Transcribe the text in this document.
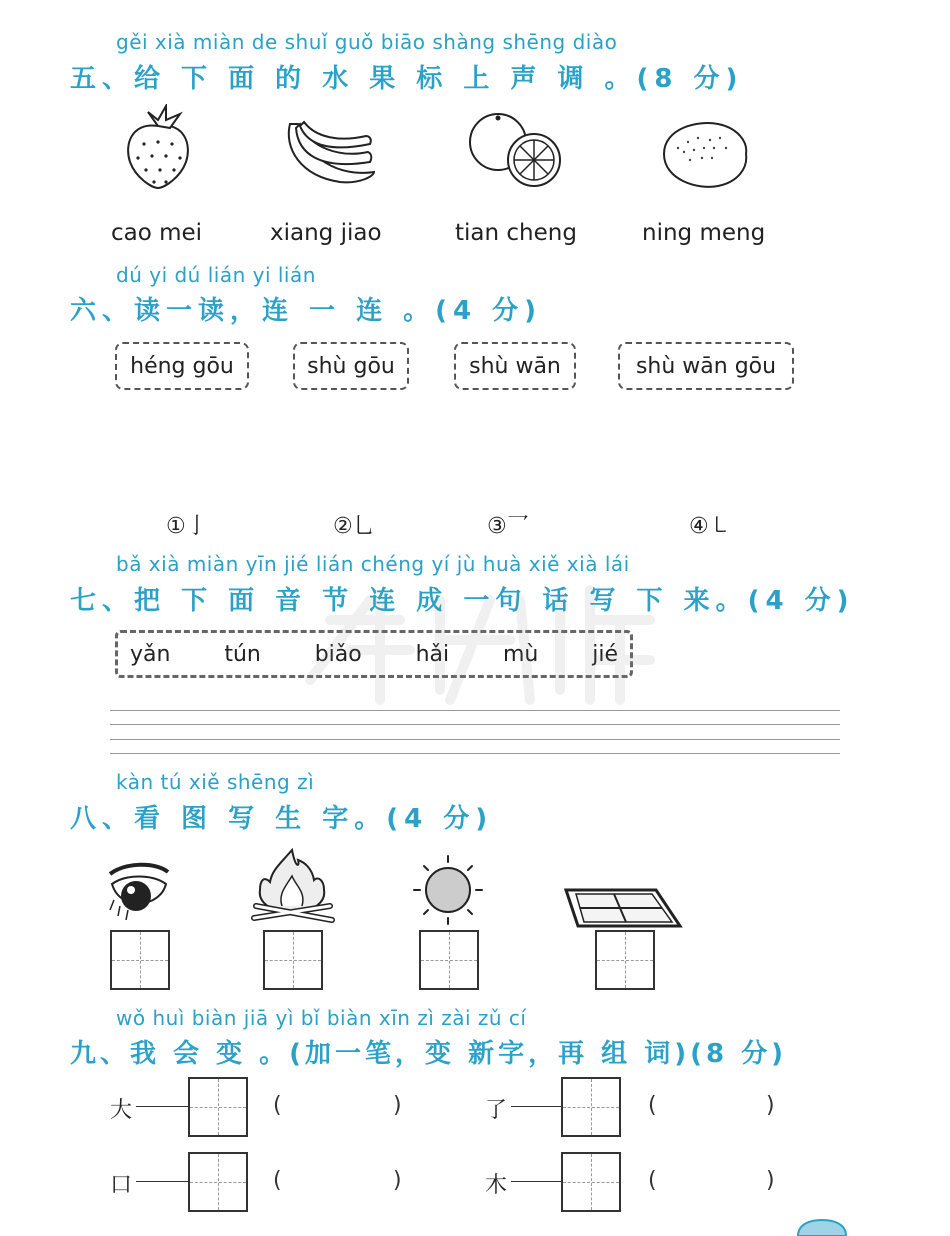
gěi xià miàn de shuǐ guǒ biāo shàng shēng diào
五、给 下 面 的 水 果 标 上 声 调 。(8 分)
cao mei	xiang jiao	tian cheng	ning meng
dú yi dú lián yi lián
六、读一读，连 一 连 。(4 分)
héng gōu	shù gōu	shù wān	shù wān gōu
①亅	②乚	③乛	④㇄
bǎ xià miàn yīn jié lián chéng yí jù huà xiě xià lái
七、把 下 面 音 节 连 成 一句 话 写 下 来。(4 分)
yǎn tún biǎo hǎi mù jié
kàn tú xiě shēng zì
八、看 图 写 生 字。(4 分)
wǒ huì biàn jiā yì bǐ biàn xīn zì zài zǔ cí
九、我 会 变 。(加一笔，变 新字，再 组 词)(8 分)
大	(	)	了	(	)
口	(	)	木	(	)
